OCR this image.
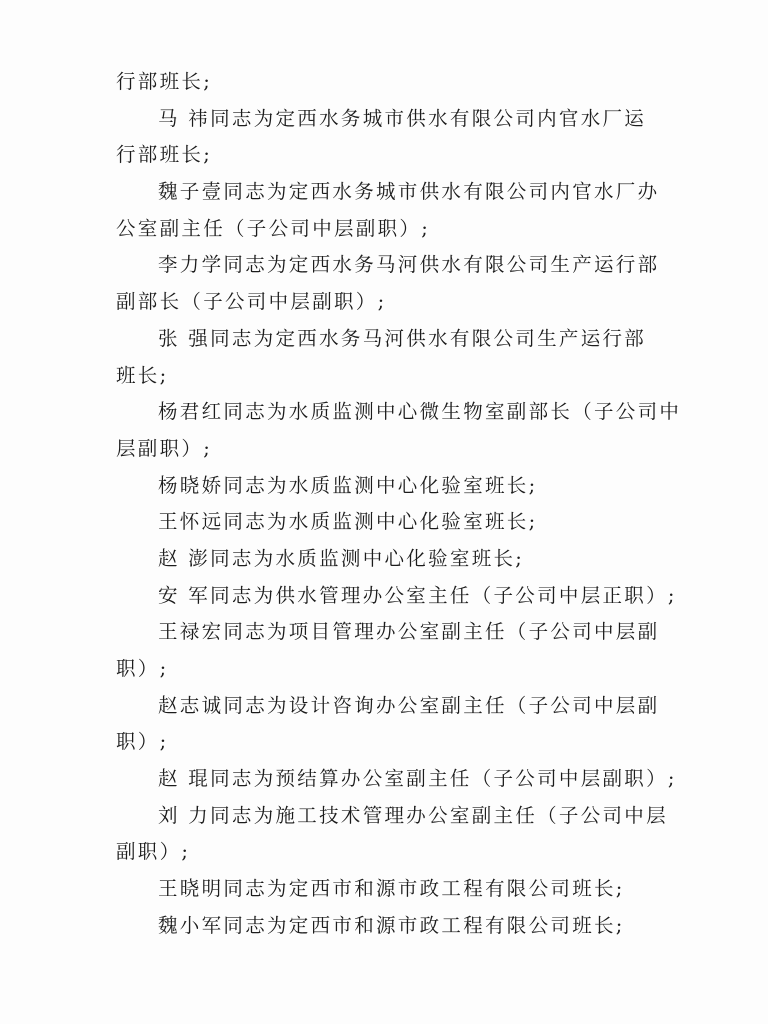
行部班长;
马 祎同志为定西水务城市供水有限公司内官水厂运
行部班长;
魏子壹同志为定西水务城市供水有限公司内官水厂办
公室副主任（子公司中层副职）;
李力学同志为定西水务马河供水有限公司生产运行部
副部长（子公司中层副职）;
张 强同志为定西水务马河供水有限公司生产运行部
班长;
杨君红同志为水质监测中心微生物室副部长（子公司中
层副职）;
杨晓娇同志为水质监测中心化验室班长;
王怀远同志为水质监测中心化验室班长;
赵 澎同志为水质监测中心化验室班长;
安 军同志为供水管理办公室主任（子公司中层正职）;
王禄宏同志为项目管理办公室副主任（子公司中层副
职）;
赵志诚同志为设计咨询办公室副主任（子公司中层副
职）;
赵 琨同志为预结算办公室副主任（子公司中层副职）;
刘 力同志为施工技术管理办公室副主任（子公司中层
副职）;
王晓明同志为定西市和源市政工程有限公司班长;
魏小军同志为定西市和源市政工程有限公司班长;
